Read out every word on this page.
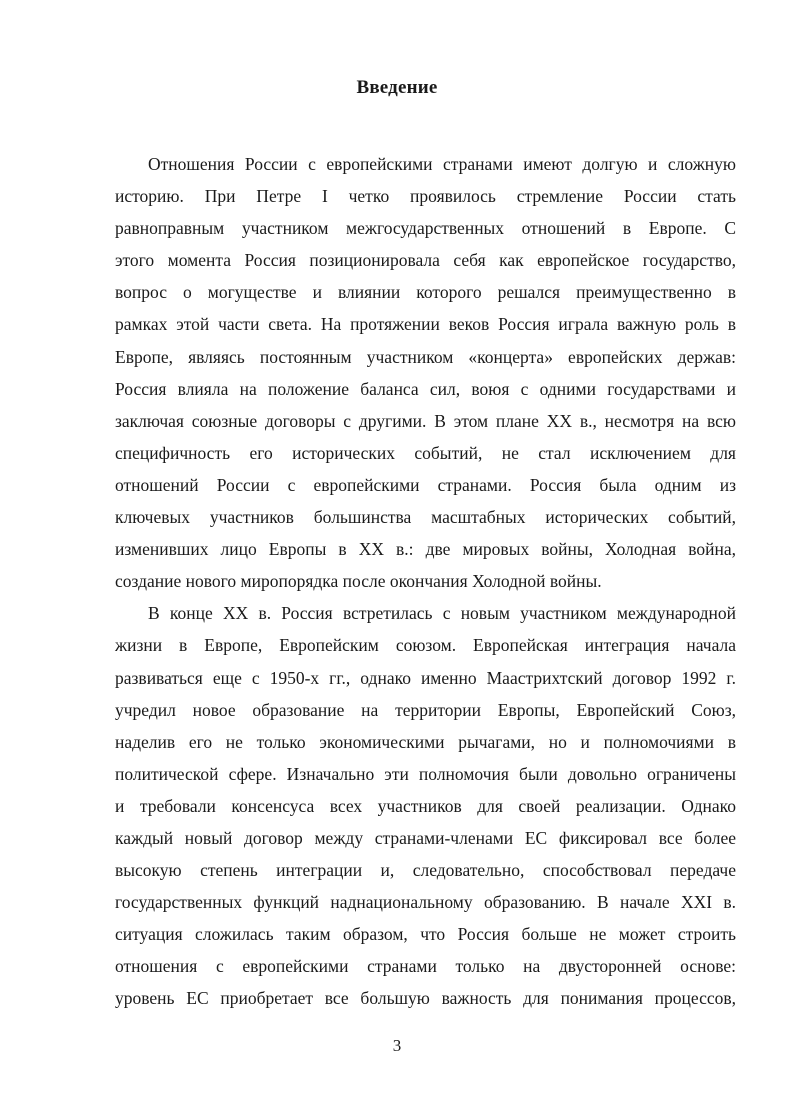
Введение
Отношения России с европейскими странами имеют долгую и сложную
историю. При Петре I четко проявилось стремление России стать
равноправным участником межгосударственных отношений в Европе. С
этого момента Россия позиционировала себя как европейское государство,
вопрос о могуществе и влиянии которого решался преимущественно в
рамках этой части света. На протяжении веков Россия играла важную роль в
Европе, являясь постоянным участником «концерта» европейских держав:
Россия влияла на положение баланса сил, воюя с одними государствами и
заключая союзные договоры с другими. В этом плане XX в., несмотря на всю
специфичность его исторических событий, не стал исключением для
отношений России с европейскими странами. Россия была одним из
ключевых участников большинства масштабных исторических событий,
изменивших лицо Европы в XX в.: две мировых войны, Холодная война,
создание нового миропорядка после окончания Холодной войны.
В конце XX в. Россия встретилась с новым участником международной
жизни в Европе, Европейским союзом. Европейская интеграция начала
развиваться еще с 1950-х гг., однако именно Маастрихтский договор 1992 г.
учредил новое образование на территории Европы, Европейский Союз,
наделив его не только экономическими рычагами, но и полномочиями в
политической сфере. Изначально эти полномочия были довольно ограничены
и требовали консенсуса всех участников для своей реализации. Однако
каждый новый договор между странами-членами ЕС фиксировал все более
высокую степень интеграции и, следовательно, способствовал передаче
государственных функций наднациональному образованию. В начале XXI в.
ситуация сложилась таким образом, что Россия больше не может строить
отношения с европейскими странами только на двусторонней основе:
уровень ЕС приобретает все большую важность для понимания процессов,
3
